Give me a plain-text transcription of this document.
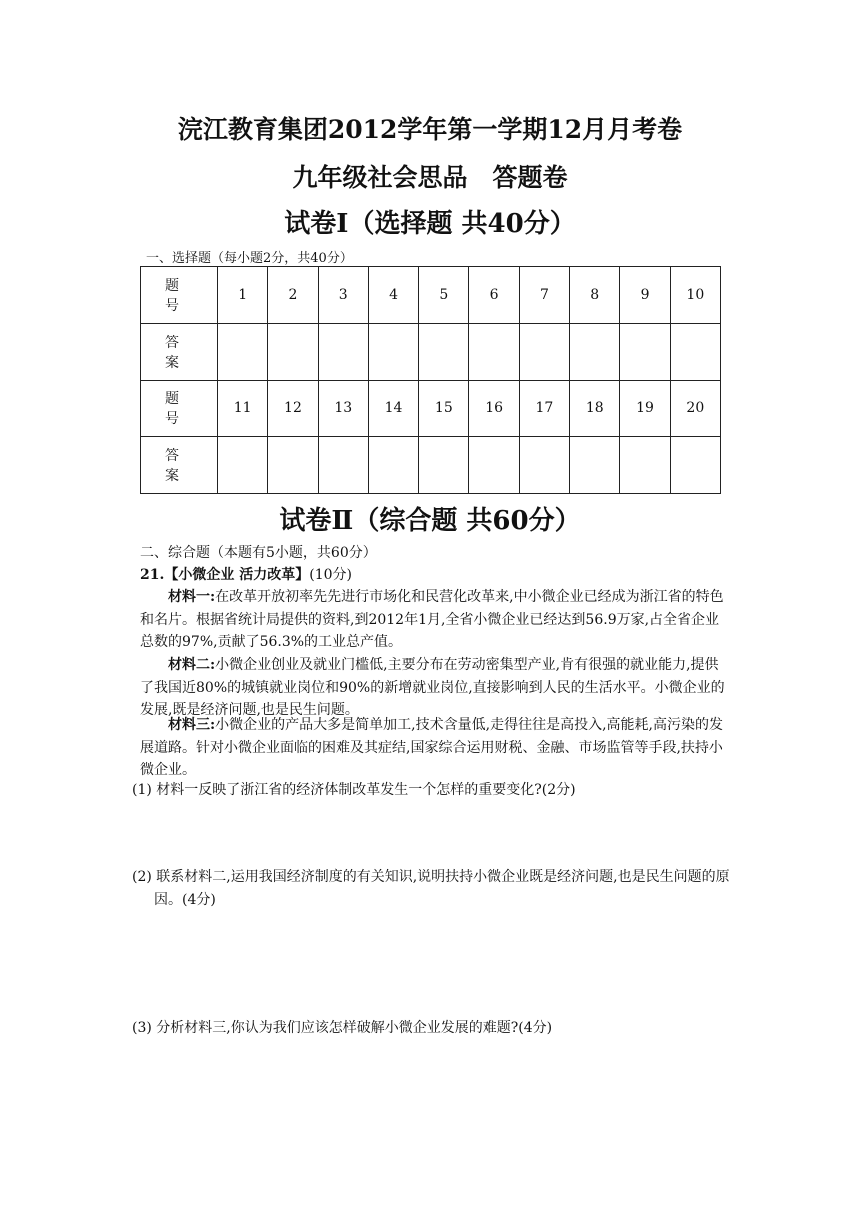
浣江教育集团2012学年第一学期12月月考卷
九年级社会思品　答题卷
试卷Ⅰ（选择题 共40分）
一、选择题（每小题2分，共40分）
题　号	1	2	3	4	5	6	7	8	9	10
答　案										
题　号	11	12	13	14	15	16	17	18	19	20
答　案										
试卷Ⅱ（综合题 共60分）
二、综合题（本题有5小题，共60分）
21.【小微企业 活力改革】(10分)
材料一:在改革开放初率先先进行市场化和民营化改革来,中小微企业已经成为浙江省的特色和名片。根据省统计局提供的资料,到2012年1月,全省小微企业已经达到56.9万家,占全省企业总数的97%,贡献了56.3%的工业总产值。
材料二:小微企业创业及就业门槛低,主要分布在劳动密集型产业,肯有很强的就业能力,提供了我国近80%的城镇就业岗位和90%的新增就业岗位,直接影响到人民的生活水平。小微企业的发展,既是经济问题,也是民生问题。
材料三:小微企业的产品大多是简单加工,技术含量低,走得往往是高投入,高能耗,高污染的发展道路。针对小微企业面临的困难及其症结,国家综合运用财税、金融、市场监管等手段,扶持小微企业。
(1) 材料一反映了浙江省的经济体制改革发生一个怎样的重要变化?(2分)
(2) 联系材料二,运用我国经济制度的有关知识,说明扶持小微企业既是经济问题,也是民生问题的原因。(4分)
(3) 分析材料三,你认为我们应该怎样破解小微企业发展的难题?(4分)
